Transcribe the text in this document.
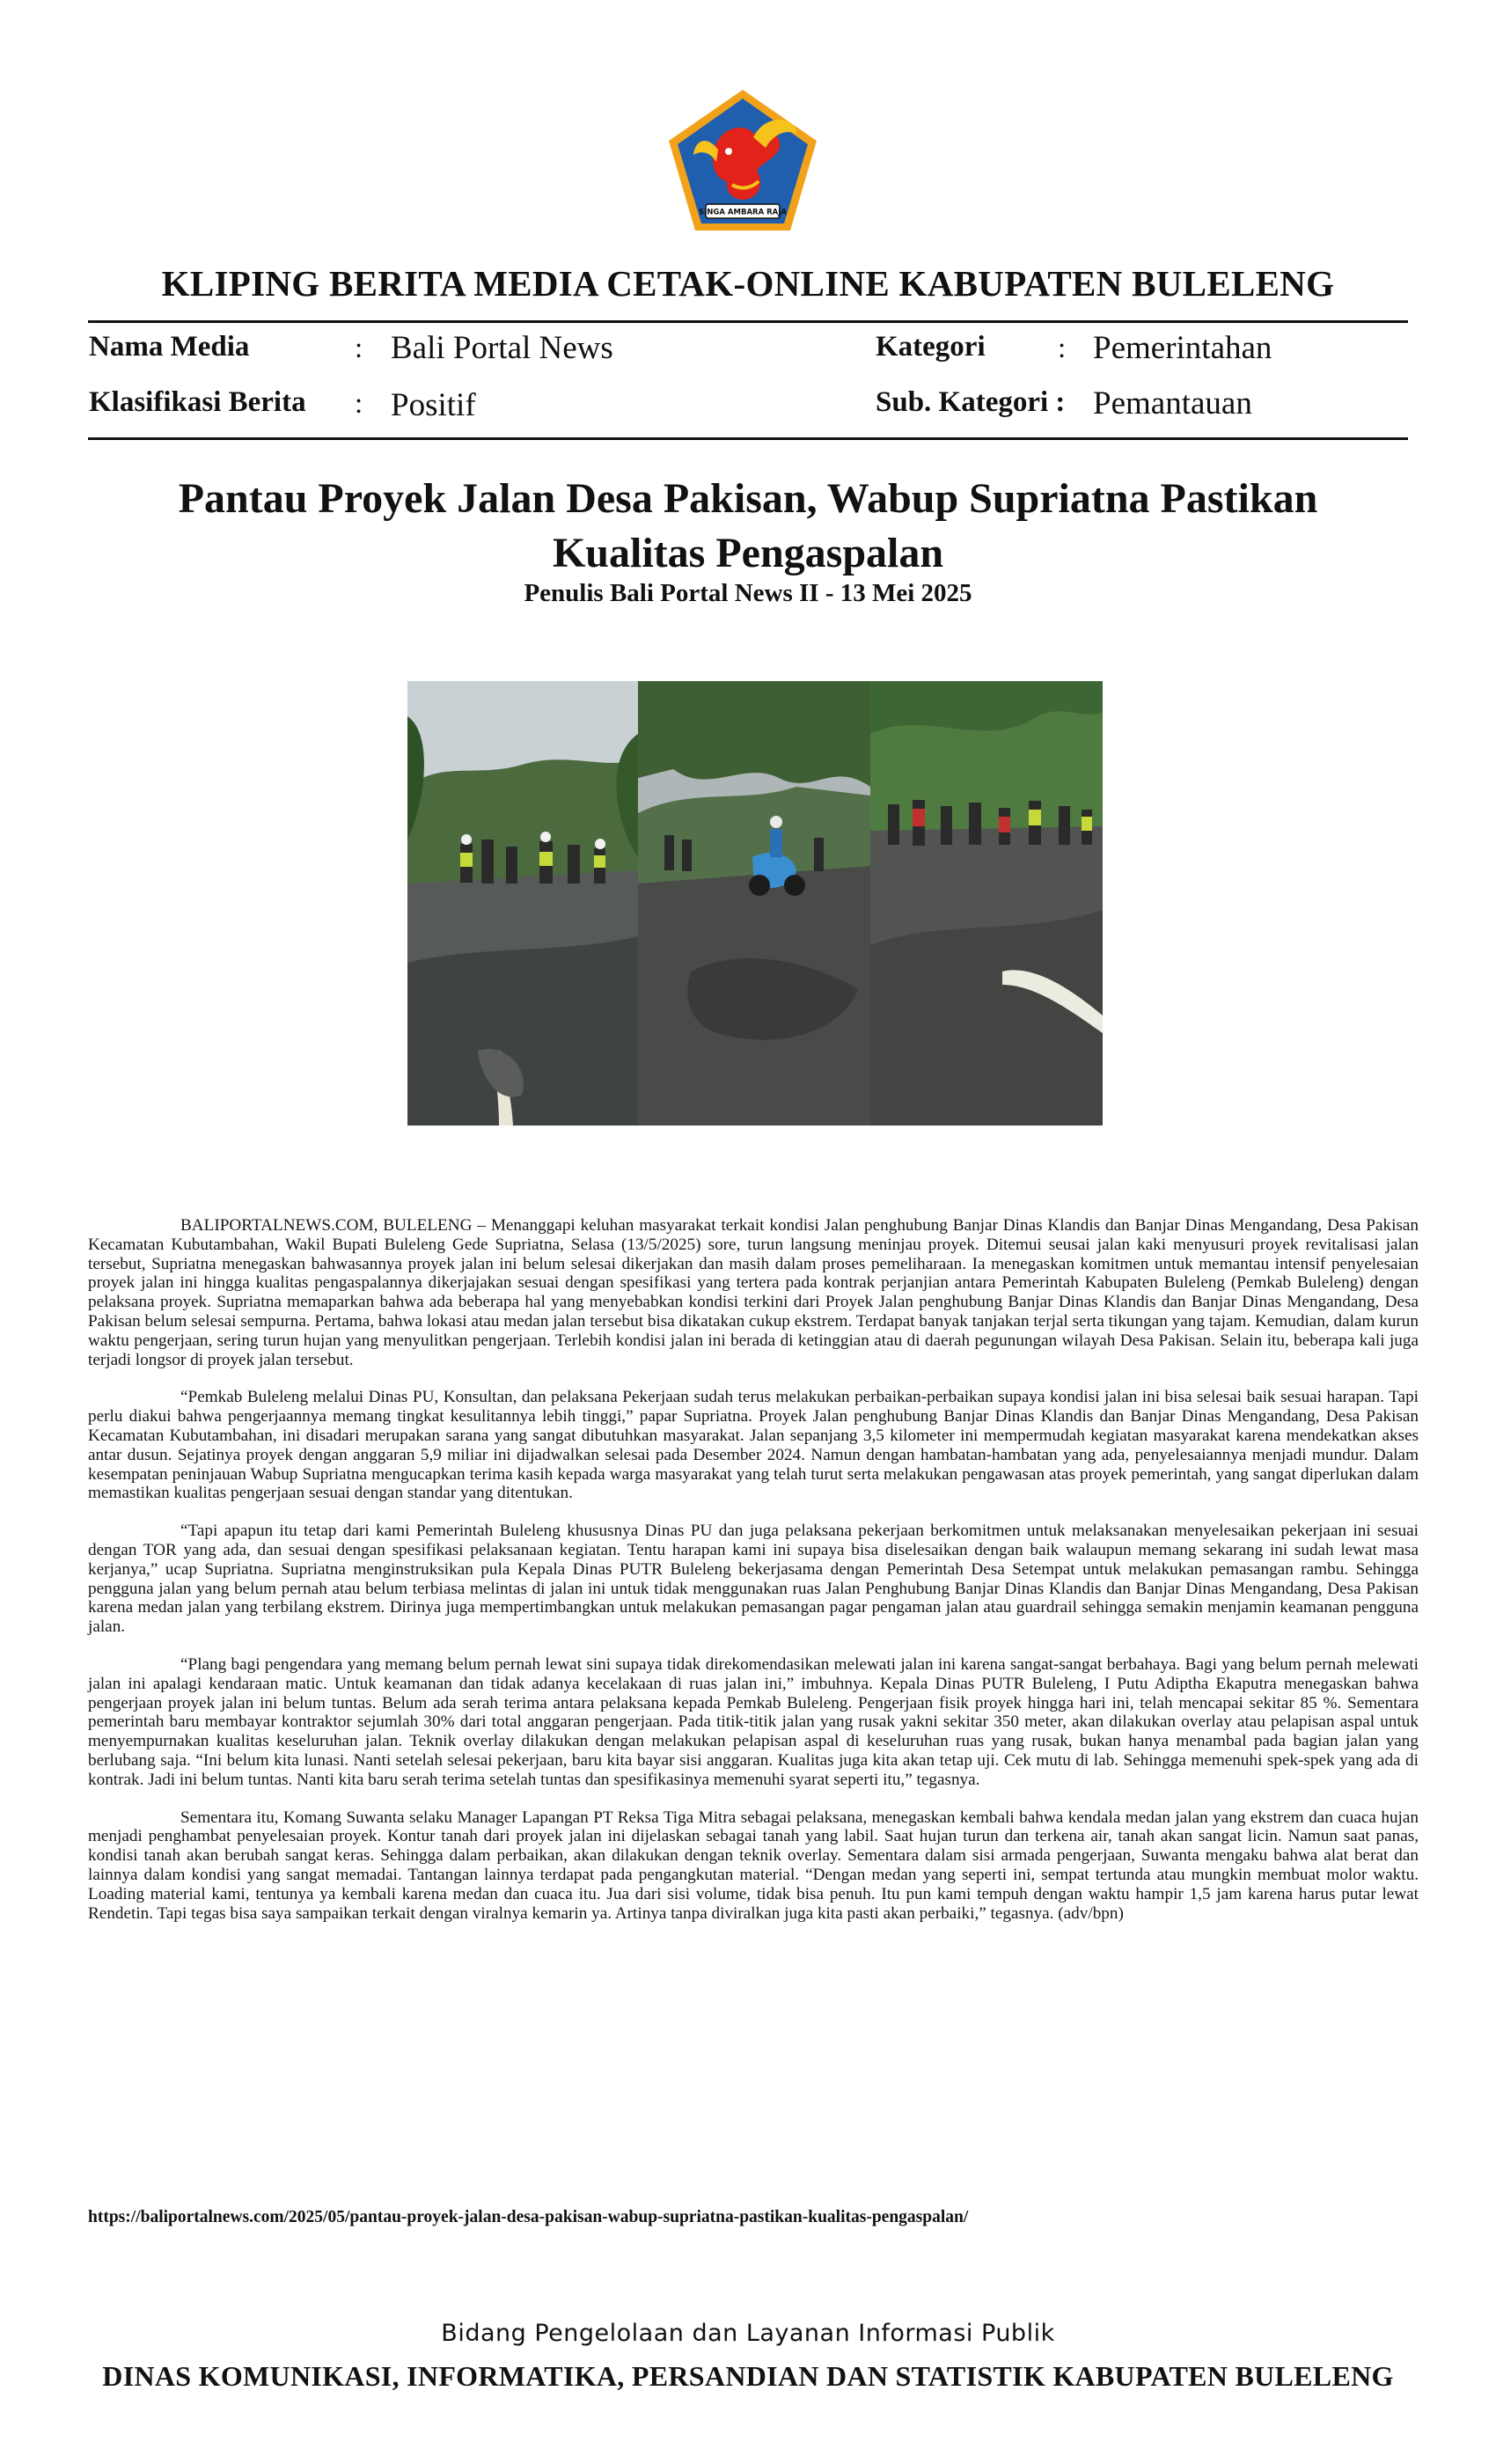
SINGA AMBARA RAJA
KLIPING BERITA MEDIA CETAK-ONLINE KABUPATEN BULELENG
Nama Media	: Bali Portal News
Klasifikasi Berita : Positif
Kategori : Pemerintahan
Sub. Kategori : Pemantauan
Pantau Proyek Jalan Desa Pakisan, Wabup Supriatna Pastikan
Kualitas Pengaspalan
Penulis Bali Portal News II - 13 Mei 2025

BALIPORTALNEWS.COM, BULELENG – Menanggapi keluhan masyarakat terkait kondisi Jalan penghubung Banjar Dinas Klandis dan Banjar Dinas Mengandang, Desa Pakisan Kecamatan Kubutambahan, Wakil Bupati Buleleng Gede Supriatna, Selasa (13/5/2025) sore, turun langsung meninjau proyek. Ditemui seusai jalan kaki menyusuri proyek revitalisasi jalan tersebut, Supriatna menegaskan bahwasannya proyek jalan ini belum selesai dikerjakan dan masih dalam proses pemeliharaan. Ia menegaskan komitmen untuk memantau intensif penyelesaian proyek jalan ini hingga kualitas pengaspalannya dikerjajakan sesuai dengan spesifikasi yang tertera pada kontrak perjanjian antara Pemerintah Kabupaten Buleleng (Pemkab Buleleng) dengan pelaksana proyek. Supriatna memaparkan bahwa ada beberapa hal yang menyebabkan kondisi terkini dari Proyek Jalan penghubung Banjar Dinas Klandis dan Banjar Dinas Mengandang, Desa Pakisan belum selesai sempurna. Pertama, bahwa lokasi atau medan jalan tersebut bisa dikatakan cukup ekstrem. Terdapat banyak tanjakan terjal serta tikungan yang tajam. Kemudian, dalam kurun waktu pengerjaan, sering turun hujan yang menyulitkan pengerjaan. Terlebih kondisi jalan ini berada di ketinggian atau di daerah pegunungan wilayah Desa Pakisan. Selain itu, beberapa kali juga terjadi longsor di proyek jalan tersebut.

“Pemkab Buleleng melalui Dinas PU, Konsultan, dan pelaksana Pekerjaan sudah terus melakukan perbaikan-perbaikan supaya kondisi jalan ini bisa selesai baik sesuai harapan. Tapi perlu diakui bahwa pengerjaannya memang tingkat kesulitannya lebih tinggi,” papar Supriatna. Proyek Jalan penghubung Banjar Dinas Klandis dan Banjar Dinas Mengandang, Desa Pakisan Kecamatan Kubutambahan, ini disadari merupakan sarana yang sangat dibutuhkan masyarakat. Jalan sepanjang 3,5 kilometer ini mempermudah kegiatan masyarakat karena mendekatkan akses antar dusun. Sejatinya proyek dengan anggaran 5,9 miliar ini dijadwalkan selesai pada Desember 2024. Namun dengan hambatan-hambatan yang ada, penyelesaiannya menjadi mundur. Dalam kesempatan peninjauan Wabup Supriatna mengucapkan terima kasih kepada warga masyarakat yang telah turut serta melakukan pengawasan atas proyek pemerintah, yang sangat diperlukan dalam memastikan kualitas pengerjaan sesuai dengan standar yang ditentukan.

“Tapi apapun itu tetap dari kami Pemerintah Buleleng khususnya Dinas PU dan juga pelaksana pekerjaan berkomitmen untuk melaksanakan menyelesaikan pekerjaan ini sesuai dengan TOR yang ada, dan sesuai dengan spesifikasi pelaksanaan kegiatan. Tentu harapan kami ini supaya bisa diselesaikan dengan baik walaupun memang sekarang ini sudah lewat masa kerjanya,” ucap Supriatna. Supriatna menginstruksikan pula Kepala Dinas PUTR Buleleng bekerjasama dengan Pemerintah Desa Setempat untuk melakukan pemasangan rambu. Sehingga pengguna jalan yang belum pernah atau belum terbiasa melintas di jalan ini untuk tidak menggunakan ruas Jalan Penghubung Banjar Dinas Klandis dan Banjar Dinas Mengandang, Desa Pakisan karena medan jalan yang terbilang ekstrem. Dirinya juga mempertimbangkan untuk melakukan pemasangan pagar pengaman jalan atau guardrail sehingga semakin menjamin keamanan pengguna jalan.

“Plang bagi pengendara yang memang belum pernah lewat sini supaya tidak direkomendasikan melewati jalan ini karena sangat-sangat berbahaya. Bagi yang belum pernah melewati jalan ini apalagi kendaraan matic. Untuk keamanan dan tidak adanya kecelakaan di ruas jalan ini,” imbuhnya. Kepala Dinas PUTR Buleleng, I Putu Adiptha Ekaputra menegaskan bahwa pengerjaan proyek jalan ini belum tuntas. Belum ada serah terima antara pelaksana kepada Pemkab Buleleng. Pengerjaan fisik proyek hingga hari ini, telah mencapai sekitar 85 %. Sementara pemerintah baru membayar kontraktor sejumlah 30% dari total anggaran pengerjaan. Pada titik-titik jalan yang rusak yakni sekitar 350 meter, akan dilakukan overlay atau pelapisan aspal untuk menyempurnakan kualitas keseluruhan jalan. Teknik overlay dilakukan dengan melakukan pelapisan aspal di keseluruhan ruas yang rusak, bukan hanya menambal pada bagian jalan yang berlubang saja. “Ini belum kita lunasi. Nanti setelah selesai pekerjaan, baru kita bayar sisi anggaran. Kualitas juga kita akan tetap uji. Cek mutu di lab. Sehingga memenuhi spek-spek yang ada di kontrak. Jadi ini belum tuntas. Nanti kita baru serah terima setelah tuntas dan spesifikasinya memenuhi syarat seperti itu,” tegasnya.

Sementara itu, Komang Suwanta selaku Manager Lapangan PT Reksa Tiga Mitra sebagai pelaksana, menegaskan kembali bahwa kendala medan jalan yang ekstrem dan cuaca hujan menjadi penghambat penyelesaian proyek. Kontur tanah dari proyek jalan ini dijelaskan sebagai tanah yang labil. Saat hujan turun dan terkena air, tanah akan sangat licin. Namun saat panas, kondisi tanah akan berubah sangat keras. Sehingga dalam perbaikan, akan dilakukan dengan teknik overlay. Sementara dalam sisi armada pengerjaan, Suwanta mengaku bahwa alat berat dan lainnya dalam kondisi yang sangat memadai. Tantangan lainnya terdapat pada pengangkutan material. “Dengan medan yang seperti ini, sempat tertunda atau mungkin membuat molor waktu. Loading material kami, tentunya ya kembali karena medan dan cuaca itu. Jua dari sisi volume, tidak bisa penuh. Itu pun kami tempuh dengan waktu hampir 1,5 jam karena harus putar lewat Rendetin. Tapi tegas bisa saya sampaikan terkait dengan viralnya kemarin ya. Artinya tanpa diviralkan juga kita pasti akan perbaiki,” tegasnya. (adv/bpn)

https://baliportalnews.com/2025/05/pantau-proyek-jalan-desa-pakisan-wabup-supriatna-pastikan-kualitas-pengaspalan/
Bidang Pengelolaan dan Layanan Informasi Publik
DINAS KOMUNIKASI, INFORMATIKA, PERSANDIAN DAN STATISTIK KABUPATEN BULELENG
